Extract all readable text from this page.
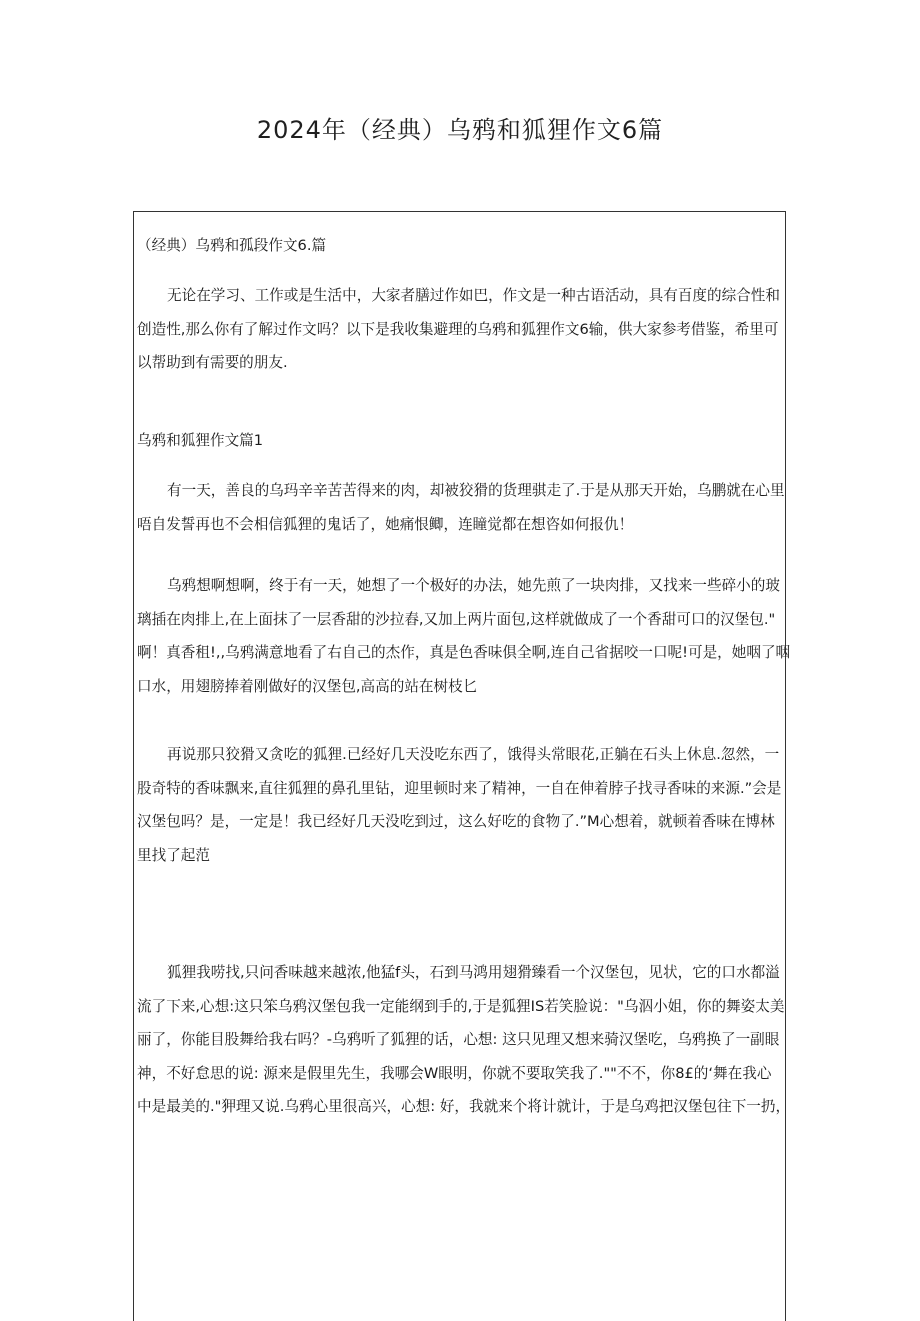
2024年（经典）乌鸦和狐狸作文6篇

（经典）乌鸦和孤段作文6.篇

无论在学习、工作或是生活中，大家者膳过作如巴，作文是一种古语活动，具有百度的综合性和
创造性,那么你有了解过作文吗？以下是我收集避理的乌鸦和狐狸作文6输，供大家参考借鉴，希里可
以帮助到有需要的朋友.

乌鸦和狐狸作文篇1

有一天，善良的乌玛辛辛苦苦得来的肉，却被狡猾的货理骐走了.于是从那天开始，乌鹏就在心里
唔自发誓再也不会相信狐狸的鬼话了，她痛恨鲫，连瞳觉都在想咨如何报仇！

乌鸦想啊想啊，终于有一天，她想了一个极好的办法，她先煎了一块肉排，又找来一些碎小的玻
璃插在肉排上,在上面抹了一层香甜的沙拉舂,又加上两片面包,这样就做成了一个香甜可口的汉堡包."
啊！真香租!,,乌鸦满意地看了右自己的杰作，真是色香味俱全啊,连自己省据咬一口呢!可是，她咽了咽
口水，用翅膀捧着刚做好的汉堡包,高高的站在树枝匕

再说那只狡猾又贪吃的狐狸.已经好几天没吃东西了，饿得头常眼花,正躺在石头上休息.忽然，一
股奇特的香味飘来,直往狐狸的鼻孔里钻，迎里顿时来了精神，一自在伸着脖子找寻香味的来源.”会是
汉堡包吗？是，一定是！我已经好几天没吃到过，这么好吃的食物了.”M心想着，就顿着香味在博林
里找了起范

狐狸我唠找,只问香味越来越浓,他猛f头，石到马鸿用翅猾臻看一个汉堡包，见状，它的口水都溢
流了下来,心想:这只笨乌鸦汉堡包我一定能纲到手的,于是狐狸IS若笑脸说："乌泅小姐，你的舞姿太美
丽了，你能目股舞给我右吗？-乌鸦听了狐狸的话，心想: 这只见理又想来骑汉堡吃，乌鸦换了一副眼
神，不好怠思的说: 源来是假里先生，我哪会W眼明，你就不要取笑我了.""不不，你8£的‘舞在我心
中是最美的."狎理又说.乌鸦心里很高兴，心想: 好，我就来个将计就计，于是乌鸡把汉堡包往下一扔，
